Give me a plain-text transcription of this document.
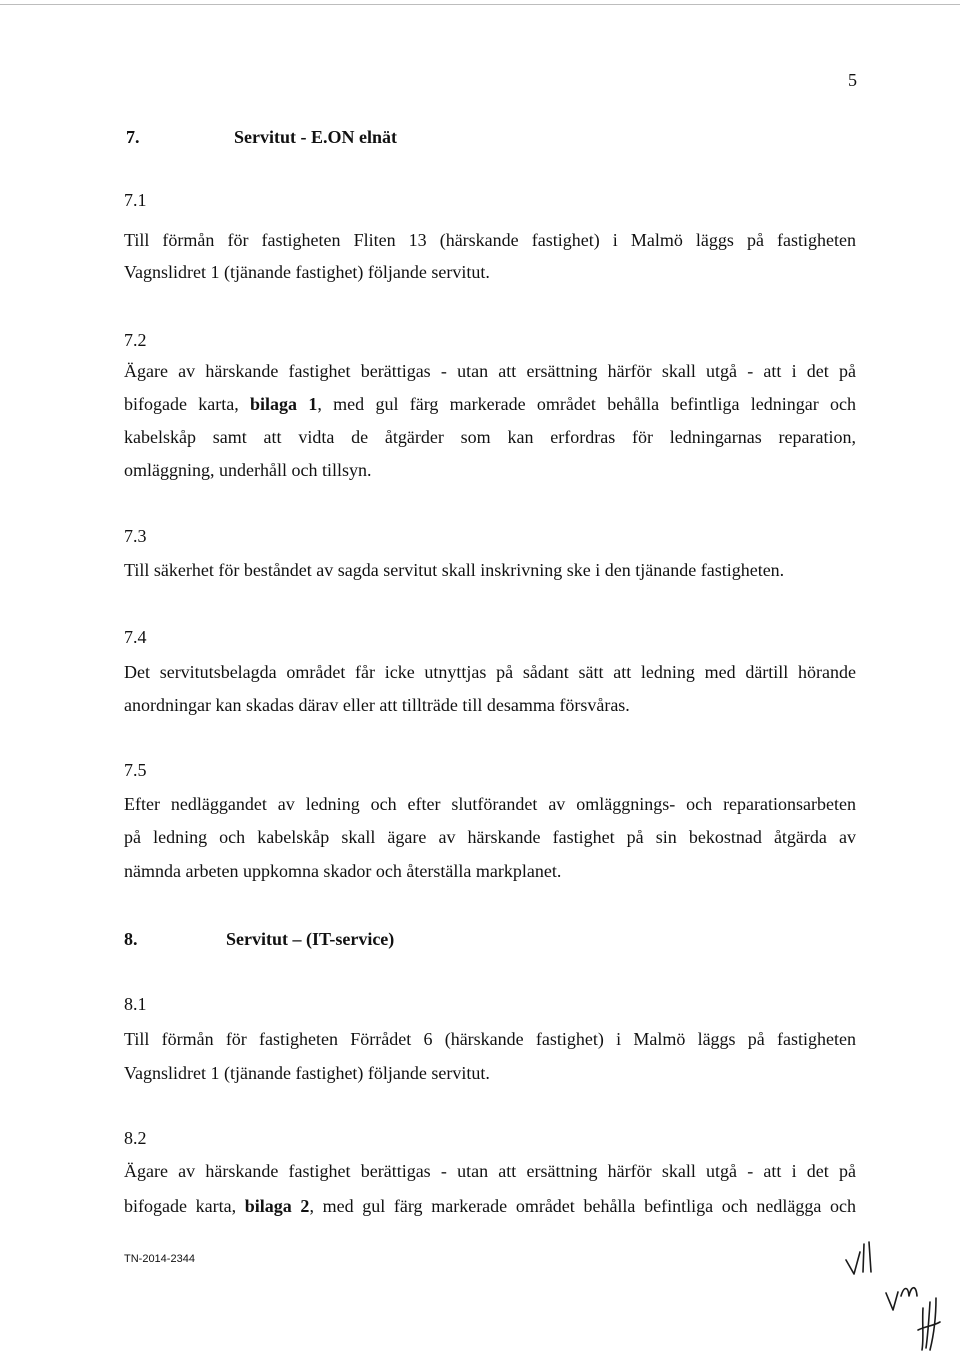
5
7.	Servitut - E.ON elnät
7.1
Till förmån för fastigheten Fliten 13 (härskande fastighet) i Malmö läggs på fastigheten
Vagnslidret 1 (tjänande fastighet) följande servitut.
7.2
Ägare av härskande fastighet berättigas - utan att ersättning härför skall utgå - att i det på
bifogade karta, bilaga 1, med gul färg markerade området behålla befintliga ledningar och
kabelskåp samt att vidta de åtgärder som kan erfordras för ledningarnas reparation,
omläggning, underhåll och tillsyn.
7.3
Till säkerhet för beståndet av sagda servitut skall inskrivning ske i den tjänande fastigheten.
7.4
Det servitutsbelagda området får icke utnyttjas på sådant sätt att ledning med därtill hörande
anordningar kan skadas därav eller att tillträde till desamma försvåras.
7.5
Efter nedläggandet av ledning och efter slutförandet av omläggnings- och reparationsarbeten
på ledning och kabelskåp skall ägare av härskande fastighet på sin bekostnad åtgärda av
nämnda arbeten uppkomna skador och återställa markplanet.
8.	Servitut – (IT-service)
8.1
Till förmån för fastigheten Förrådet 6 (härskande fastighet) i Malmö läggs på fastigheten
Vagnslidret 1 (tjänande fastighet) följande servitut.
8.2
Ägare av härskande fastighet berättigas - utan att ersättning härför skall utgå - att i det på
bifogade karta, bilaga 2, med gul färg markerade området behålla befintliga och nedlägga och
TN-2014-2344
